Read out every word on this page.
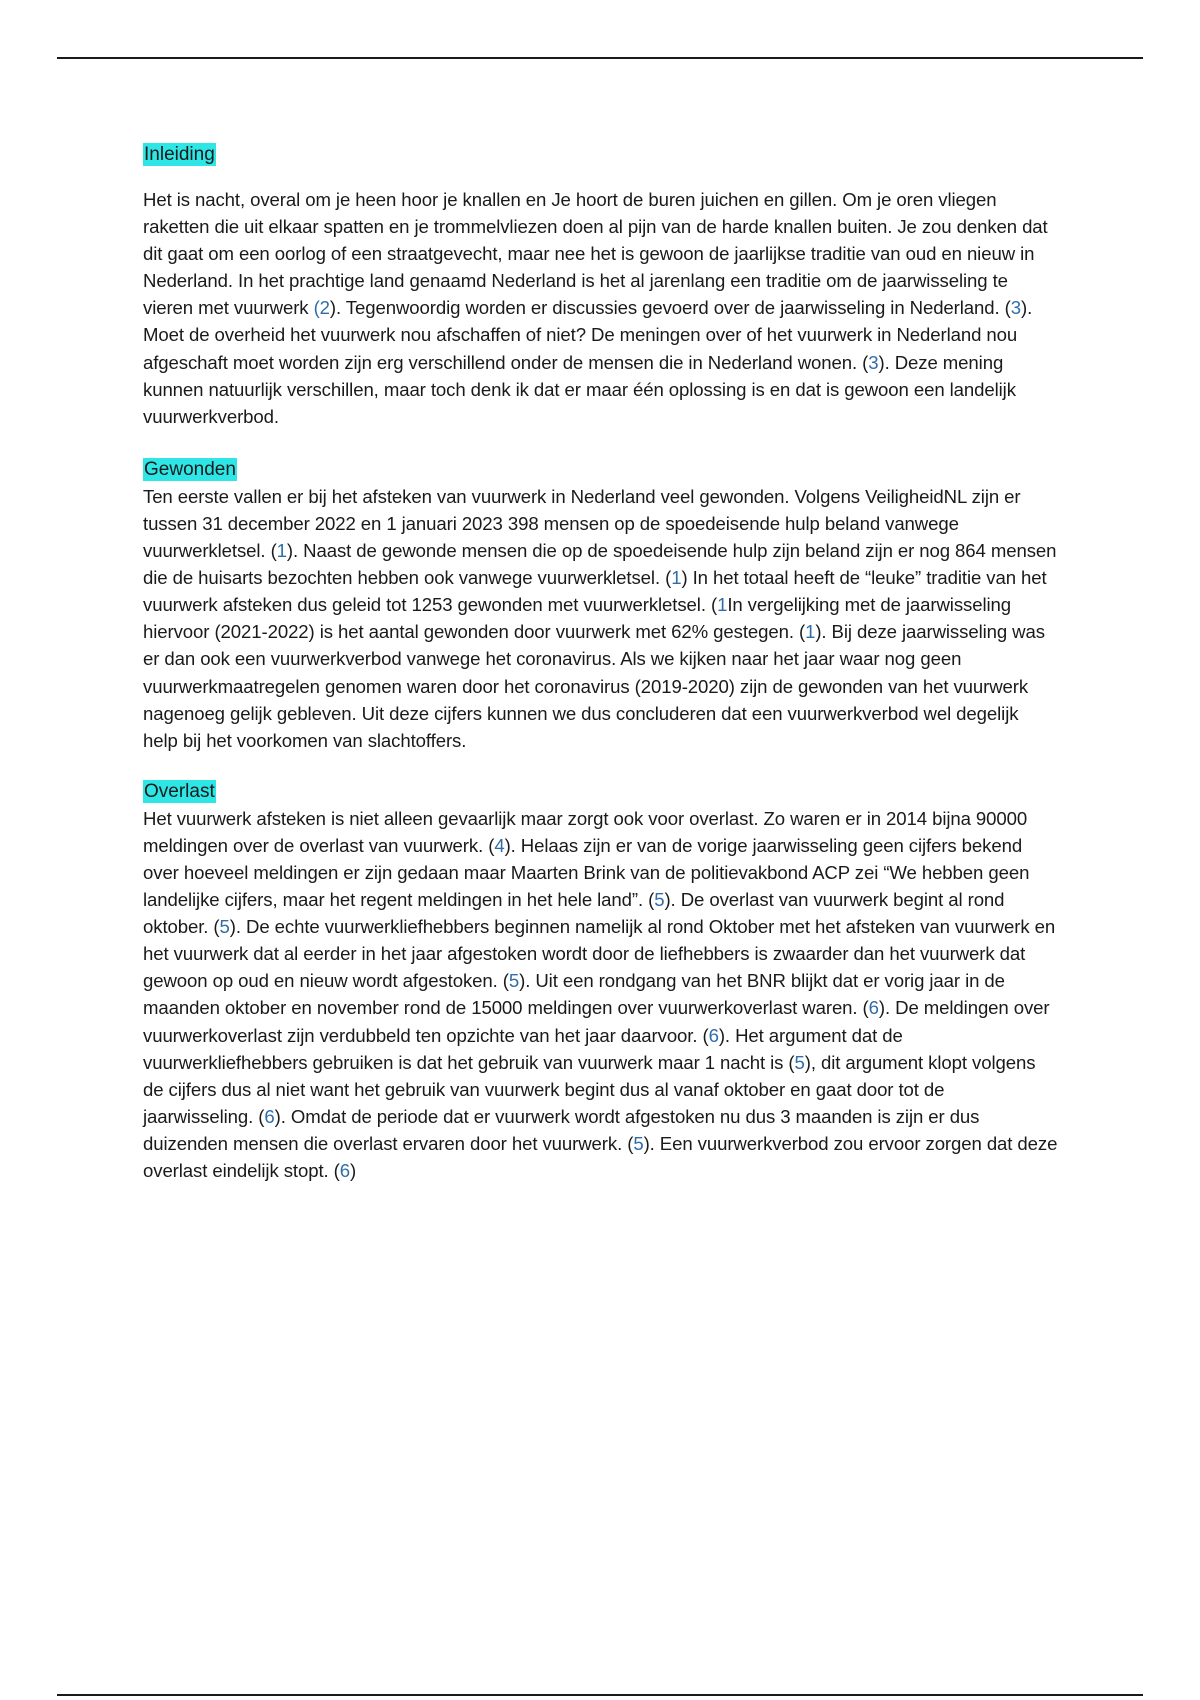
Inleiding

Het is nacht, overal om je heen hoor je knallen en Je hoort de buren juichen en gillen. Om je oren vliegen raketten die uit elkaar spatten en je trommelvliezen doen al pijn van de harde knallen buiten. Je zou denken dat dit gaat om een oorlog of een straatgevecht, maar nee het is gewoon de jaarlijkse traditie van oud en nieuw in Nederland. In het prachtige land genaamd Nederland is het al jarenlang een traditie om de jaarwisseling te vieren met vuurwerk (2). Tegenwoordig worden er discussies gevoerd over de jaarwisseling in Nederland. (3). Moet de overheid het vuurwerk nou afschaffen of niet? De meningen over of het vuurwerk in Nederland nou afgeschaft moet worden zijn erg verschillend onder de mensen die in Nederland wonen. (3). Deze mening kunnen natuurlijk verschillen, maar toch denk ik dat er maar één oplossing is en dat is gewoon een landelijk vuurwerkverbod.

Gewonden

Ten eerste vallen er bij het afsteken van vuurwerk in Nederland veel gewonden. Volgens VeiligheidNL zijn er tussen 31 december 2022 en 1 januari 2023 398 mensen op de spoedeisende hulp beland vanwege vuurwerkletsel. (1). Naast de gewonde mensen die op de spoedeisende hulp zijn beland zijn er nog 864 mensen die de huisarts bezochten hebben ook vanwege vuurwerkletsel. (1) In het totaal heeft de “leuke” traditie van het vuurwerk afsteken dus geleid tot 1253 gewonden met vuurwerkletsel. (1In vergelijking met de jaarwisseling hiervoor (2021-2022) is het aantal gewonden door vuurwerk met 62% gestegen. (1). Bij deze jaarwisseling was er dan ook een vuurwerkverbod vanwege het coronavirus. Als we kijken naar het jaar waar nog geen vuurwerkmaatregelen genomen waren door het coronavirus (2019-2020) zijn de gewonden van het vuurwerk nagenoeg gelijk gebleven. Uit deze cijfers kunnen we dus concluderen dat een vuurwerkverbod wel degelijk help bij het voorkomen van slachtoffers.

Overlast

Het vuurwerk afsteken is niet alleen gevaarlijk maar zorgt ook voor overlast. Zo waren er in 2014 bijna 90000 meldingen over de overlast van vuurwerk. (4). Helaas zijn er van de vorige jaarwisseling geen cijfers bekend over hoeveel meldingen er zijn gedaan maar Maarten Brink van de politievakbond ACP zei “We hebben geen landelijke cijfers, maar het regent meldingen in het hele land”. (5). De overlast van vuurwerk begint al rond oktober. (5). De echte vuurwerkliefhebbers beginnen namelijk al rond Oktober met het afsteken van vuurwerk en het vuurwerk dat al eerder in het jaar afgestoken wordt door de liefhebbers is zwaarder dan het vuurwerk dat gewoon op oud en nieuw wordt afgestoken. (5). Uit een rondgang van het BNR blijkt dat er vorig jaar in de maanden oktober en november rond de 15000 meldingen over vuurwerkoverlast waren. (6). De meldingen over vuurwerkoverlast zijn verdubbeld ten opzichte van het jaar daarvoor. (6). Het argument dat de vuurwerkliefhebbers gebruiken is dat het gebruik van vuurwerk maar 1 nacht is (5), dit argument klopt volgens de cijfers dus al niet want het gebruik van vuurwerk begint dus al vanaf oktober en gaat door tot de jaarwisseling. (6). Omdat de periode dat er vuurwerk wordt afgestoken nu dus 3 maanden is zijn er dus duizenden mensen die overlast ervaren door het vuurwerk. (5). Een vuurwerkverbod zou ervoor zorgen dat deze overlast eindelijk stopt. (6)
